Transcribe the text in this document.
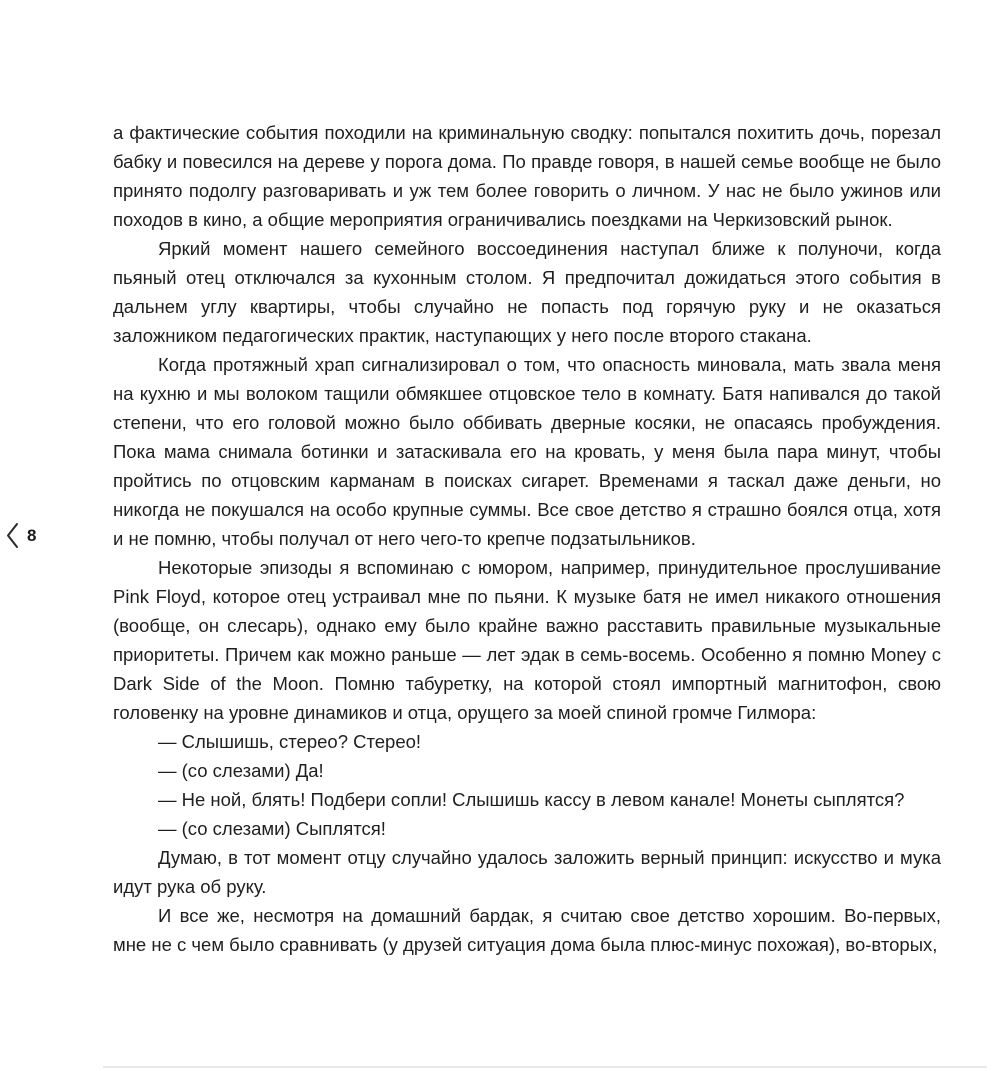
8

а фактические события походили на криминальную сводку: попытался похитить дочь, порезал бабку и повесился на дереве у порога дома. По правде говоря, в нашей семье вообще не было принято подолгу разговаривать и уж тем более говорить о личном. У нас не было ужинов или походов в кино, а общие мероприятия ограничивались поездками на Черкизовский рынок.

Яркий момент нашего семейного воссоединения наступал ближе к полуночи, когда пьяный отец отключался за кухонным столом. Я предпочитал дожидаться этого события в дальнем углу квартиры, чтобы случайно не попасть под горячую руку и не оказаться заложником педагогических практик, наступающих у него после второго стакана.

Когда протяжный храп сигнализировал о том, что опасность миновала, мать звала меня на кухню и мы волоком тащили обмякшее отцовское тело в комнату. Батя напивался до такой степени, что его головой можно было оббивать дверные косяки, не опасаясь пробуждения. Пока мама снимала ботинки и затаскивала его на кровать, у меня была пара минут, чтобы пройтись по отцовским карманам в поисках сигарет. Временами я таскал даже деньги, но никогда не покушался на особо крупные суммы. Все свое детство я страшно боялся отца, хотя и не помню, чтобы получал от него чего-то крепче подзатыльников.

Некоторые эпизоды я вспоминаю с юмором, например, принудительное прослушивание Pink Floyd, которое отец устраивал мне по пьяни. К музыке батя не имел никакого отношения (вообще, он слесарь), однако ему было крайне важно расставить правильные музыкальные приоритеты. Причем как можно раньше — лет эдак в семь-восемь. Особенно я помню Money с Dark Side of the Moon. Помню табуретку, на которой стоял импортный магнитофон, свою головенку на уровне динамиков и отца, орущего за моей спиной громче Гилмора:

— Слышишь, стерео? Стерео!

— (со слезами) Да!

— Не ной, блять! Подбери сопли! Слышишь кассу в левом канале! Монеты сыплятся?

— (со слезами) Сыплятся!

Думаю, в тот момент отцу случайно удалось заложить верный принцип: искусство и мука идут рука об руку.

И все же, несмотря на домашний бардак, я считаю свое детство хорошим. Во-первых, мне не с чем было сравнивать (у друзей ситуация дома была плюс-минус похожая), во-вторых,
